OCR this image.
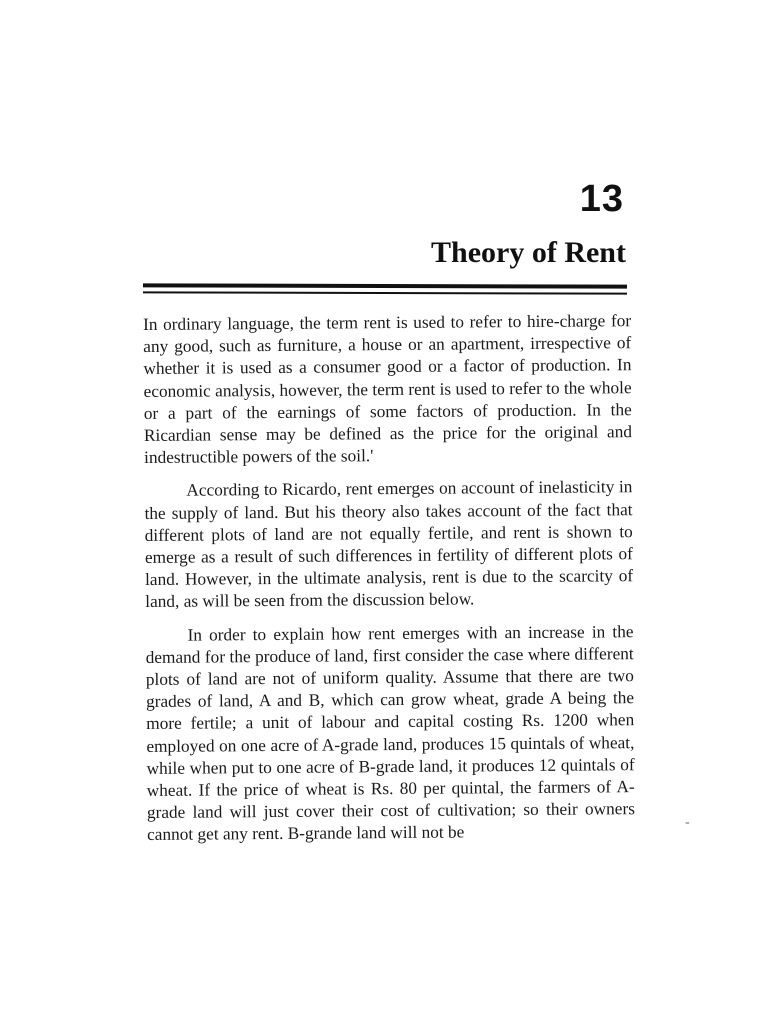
13
Theory of Rent

In ordinary language, the term rent is used to refer to hire-charge for any good, such as furniture, a house or an apartment, irrespective of whether it is used as a consumer good or a factor of production. In economic analysis, however, the term rent is used to refer to the whole or a part of the earnings of some factors of production. In the Ricardian sense may be defined as the price for the original and indestructible powers of the soil.'

According to Ricardo, rent emerges on account of inelasticity in the supply of land. But his theory also takes account of the fact that different plots of land are not equally fertile, and rent is shown to emerge as a result of such differences in fertility of different plots of land. However, in the ultimate analysis, rent is due to the scarcity of land, as will be seen from the discussion below.

In order to explain how rent emerges with an increase in the demand for the produce of land, first consider the case where different plots of land are not of uniform quality. Assume that there are two grades of land, A and B, which can grow wheat, grade A being the more fertile; a unit of labour and capital costing Rs. 1200 when employed on one acre of A-grade land, produces 15 quintals of wheat, while when put to one acre of B-grade land, it produces 12 quintals of wheat. If the price of wheat is Rs. 80 per quintal, the farmers of A-grade land will just cover their cost of cultivation; so their owners cannot get any rent. B-grande land will not be

-
